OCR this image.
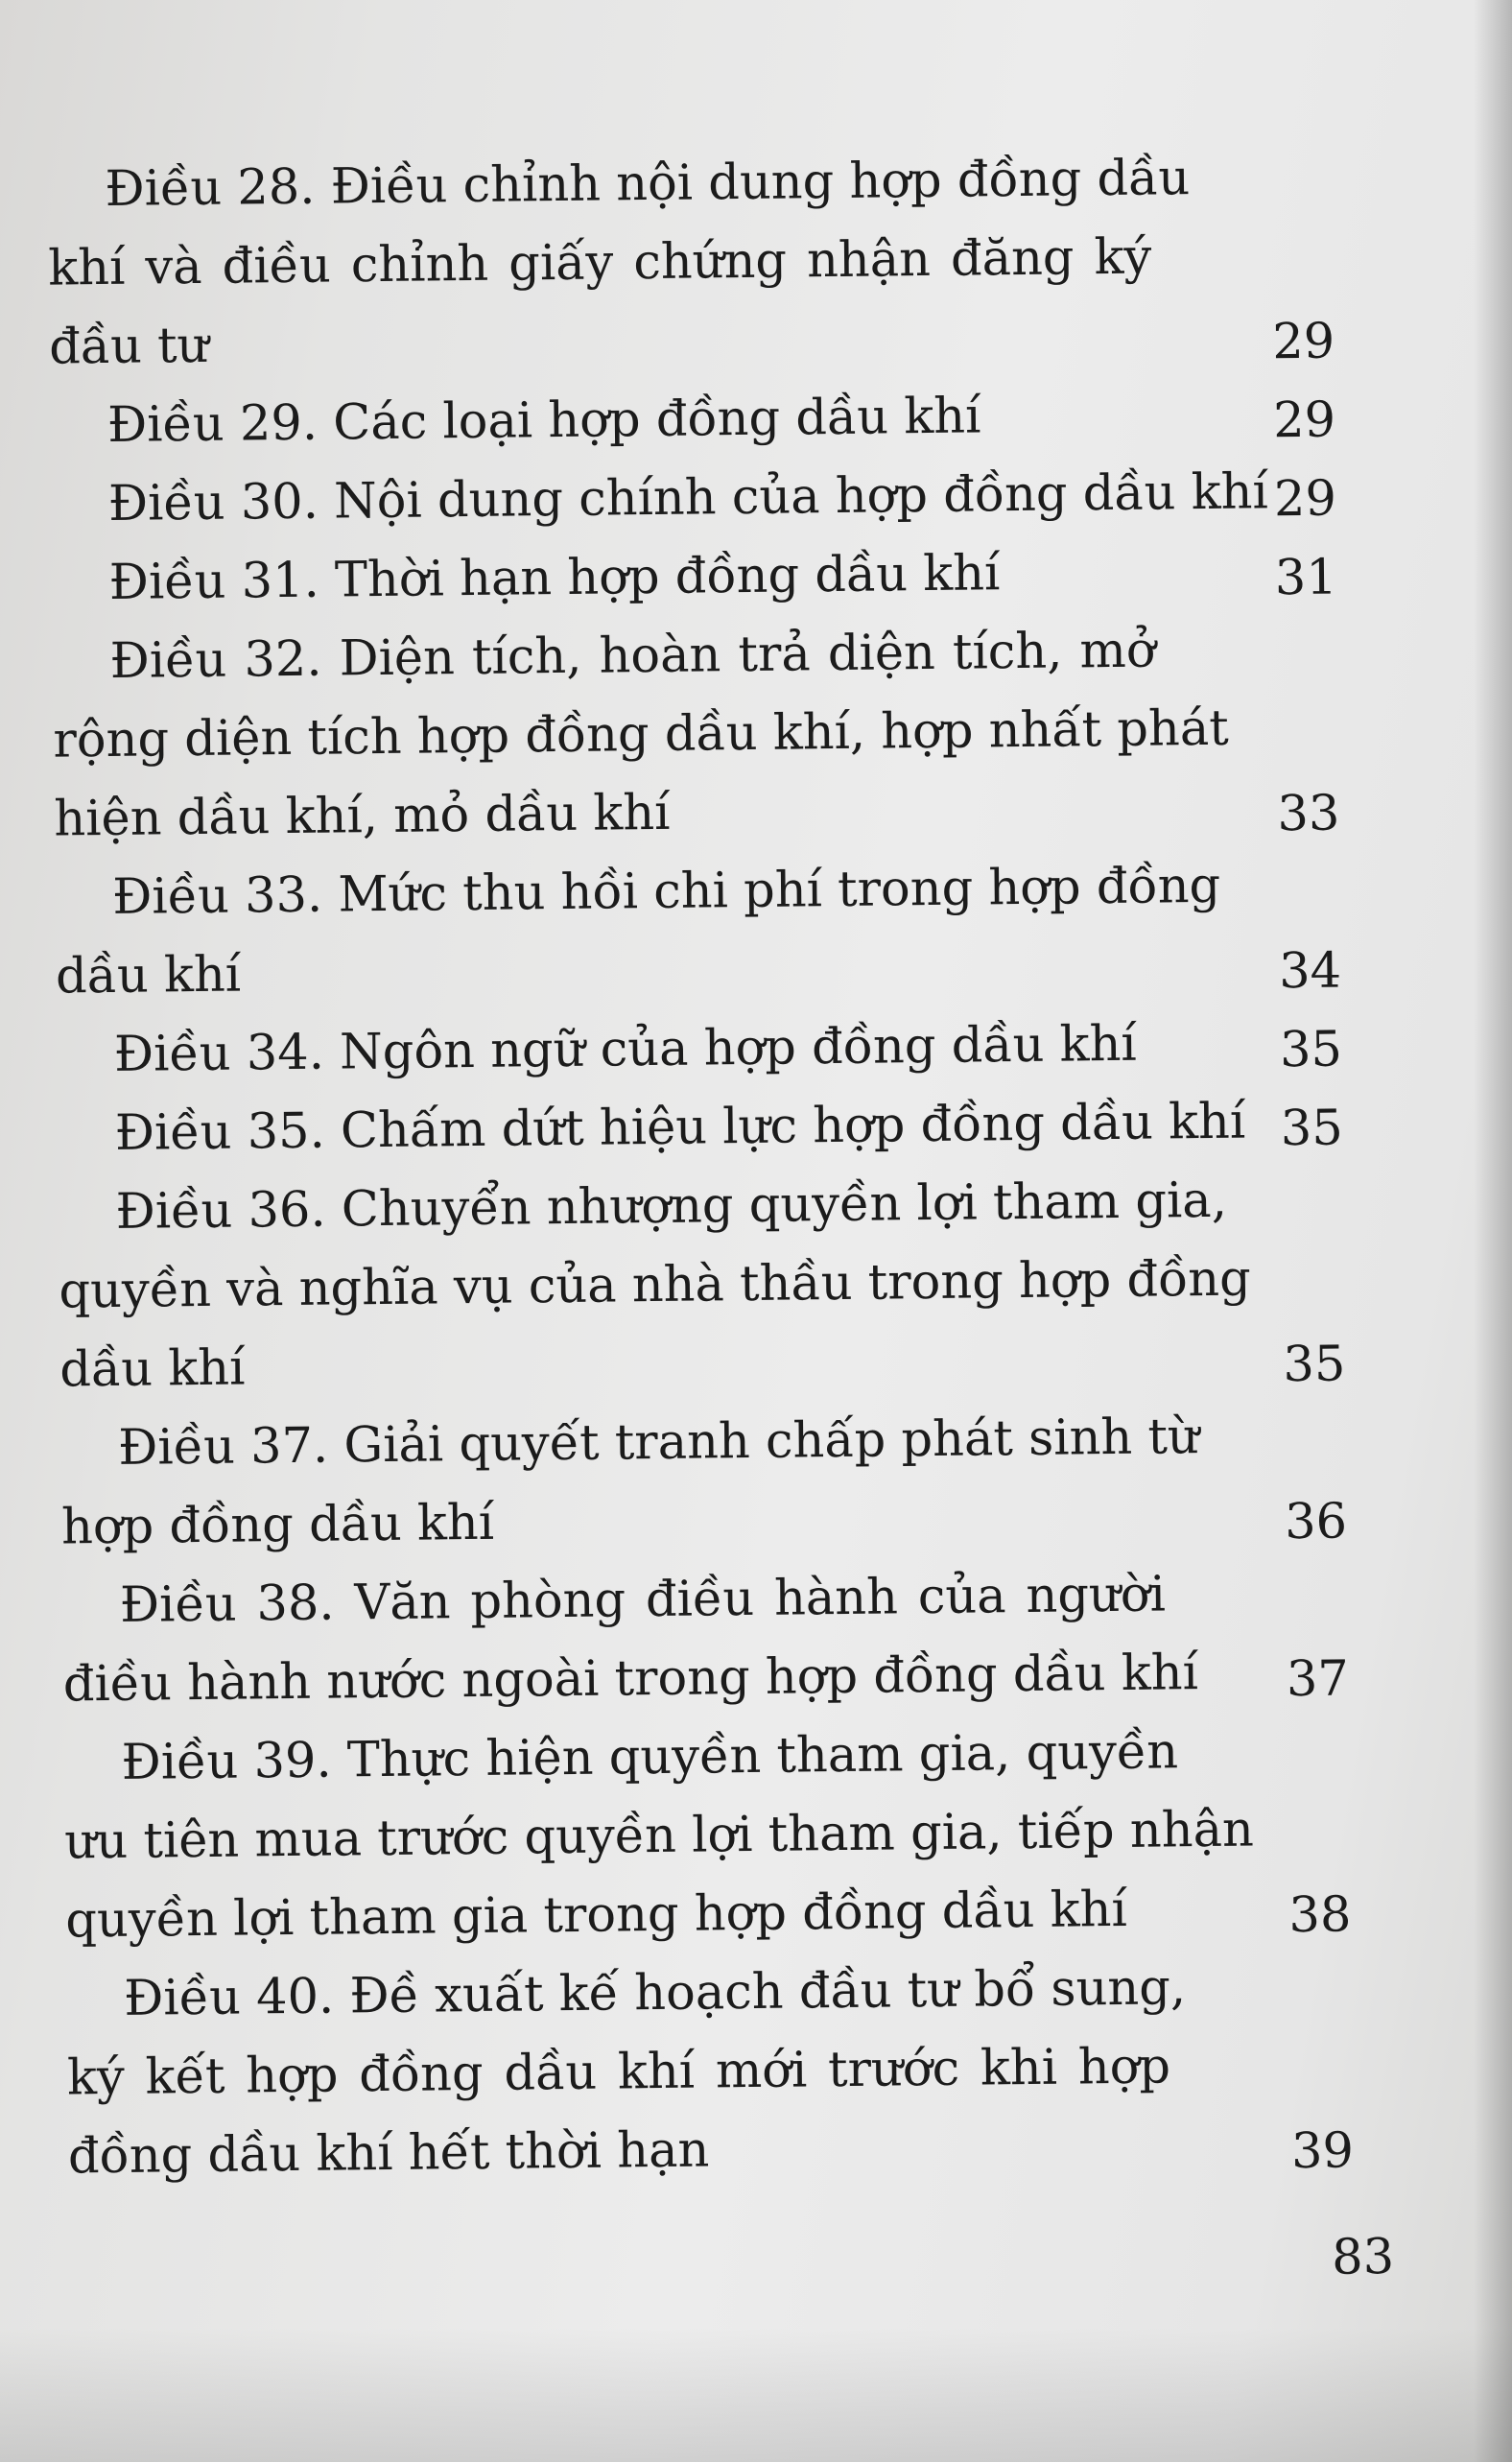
Điều 28. Điều chỉnh nội dung hợp đồng dầu
khí và điều chỉnh giấy chứng nhận đăng ký
đầu tư	29
Điều 29. Các loại hợp đồng dầu khí	29
Điều 30. Nội dung chính của hợp đồng dầu khí 29
Điều 31. Thời hạn hợp đồng dầu khí	31
Điều 32. Diện tích, hoàn trả diện tích, mở
rộng diện tích hợp đồng dầu khí, hợp nhất phát
hiện dầu khí, mỏ dầu khí	33
Điều 33. Mức thu hồi chi phí trong hợp đồng
dầu khí	34
Điều 34. Ngôn ngữ của hợp đồng dầu khí	35
Điều 35. Chấm dứt hiệu lực hợp đồng dầu khí 35
Điều 36. Chuyển nhượng quyền lợi tham gia,
quyền và nghĩa vụ của nhà thầu trong hợp đồng
dầu khí	35
Điều 37. Giải quyết tranh chấp phát sinh từ
hợp đồng dầu khí	36
Điều 38. Văn phòng điều hành của người
điều hành nước ngoài trong hợp đồng dầu khí	37
Điều 39. Thực hiện quyền tham gia, quyền
ưu tiên mua trước quyền lợi tham gia, tiếp nhận
quyền lợi tham gia trong hợp đồng dầu khí	38
Điều 40. Đề xuất kế hoạch đầu tư bổ sung,
ký kết hợp đồng dầu khí mới trước khi hợp
đồng dầu khí hết thời hạn	39
83
